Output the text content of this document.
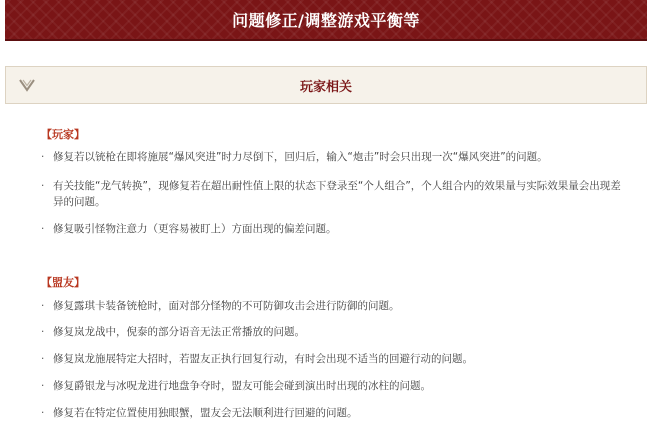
问题修正/调整游戏平衡等
玩家相关
【玩家】
· 修复若以铳枪在即将施展“爆风突进”时力尽倒下，回归后，输入“炮击”时会只出现一次“爆风突进”的问题。
· 有关技能“龙气转换”，现修复若在超出耐性值上限的状态下登录至“个人组合”，个人组合内的效果量与实际效果量会出现差异的问题。
· 修复吸引怪物注意力（更容易被盯上）方面出现的偏差问题。
【盟友】
· 修复露琪卡装备铳枪时，面对部分怪物的不可防御攻击会进行防御的问题。
· 修复岚龙战中，倪泰的部分语音无法正常播放的问题。
· 修复岚龙施展特定大招时，若盟友正执行回复行动，有时会出现不适当的回避行动的问题。
· 修复爵银龙与冰呪龙进行地盘争夺时，盟友可能会碰到演出时出现的冰柱的问题。
· 修复若在特定位置使用独眼蟹，盟友会无法顺利进行回避的问题。
